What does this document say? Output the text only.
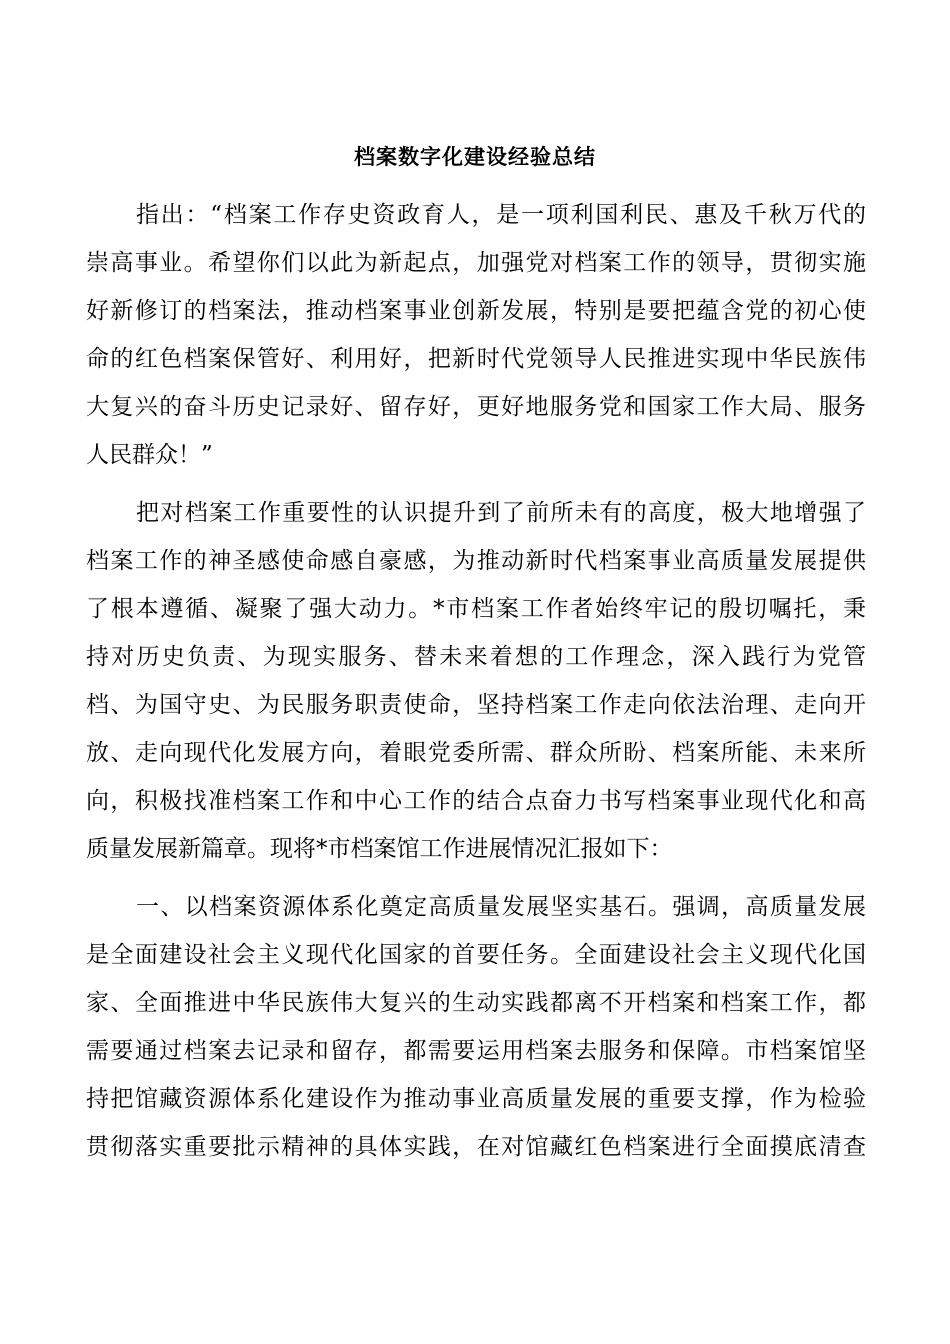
档案数字化建设经验总结
指出：“档案工作存史资政育人，是一项利国利民、惠及千秋万代的
崇高事业。希望你们以此为新起点，加强党对档案工作的领导，贯彻实施
好新修订的档案法，推动档案事业创新发展，特别是要把蕴含党的初心使
命的红色档案保管好、利用好，把新时代党领导人民推进实现中华民族伟
大复兴的奋斗历史记录好、留存好，更好地服务党和国家工作大局、服务
人民群众！”
把对档案工作重要性的认识提升到了前所未有的高度，极大地增强了
档案工作的神圣感使命感自豪感，为推动新时代档案事业高质量发展提供
了根本遵循、凝聚了强大动力。*市档案工作者始终牢记的殷切嘱托，秉
持对历史负责、为现实服务、替未来着想的工作理念，深入践行为党管
档、为国守史、为民服务职责使命，坚持档案工作走向依法治理、走向开
放、走向现代化发展方向，着眼党委所需、群众所盼、档案所能、未来所
向，积极找准档案工作和中心工作的结合点奋力书写档案事业现代化和高
质量发展新篇章。现将*市档案馆工作进展情况汇报如下：
一、以档案资源体系化奠定高质量发展坚实基石。强调，高质量发展
是全面建设社会主义现代化国家的首要任务。全面建设社会主义现代化国
家、全面推进中华民族伟大复兴的生动实践都离不开档案和档案工作，都
需要通过档案去记录和留存，都需要运用档案去服务和保障。市档案馆坚
持把馆藏资源体系化建设作为推动事业高质量发展的重要支撑，作为检验
贯彻落实重要批示精神的具体实践，在对馆藏红色档案进行全面摸底清查
